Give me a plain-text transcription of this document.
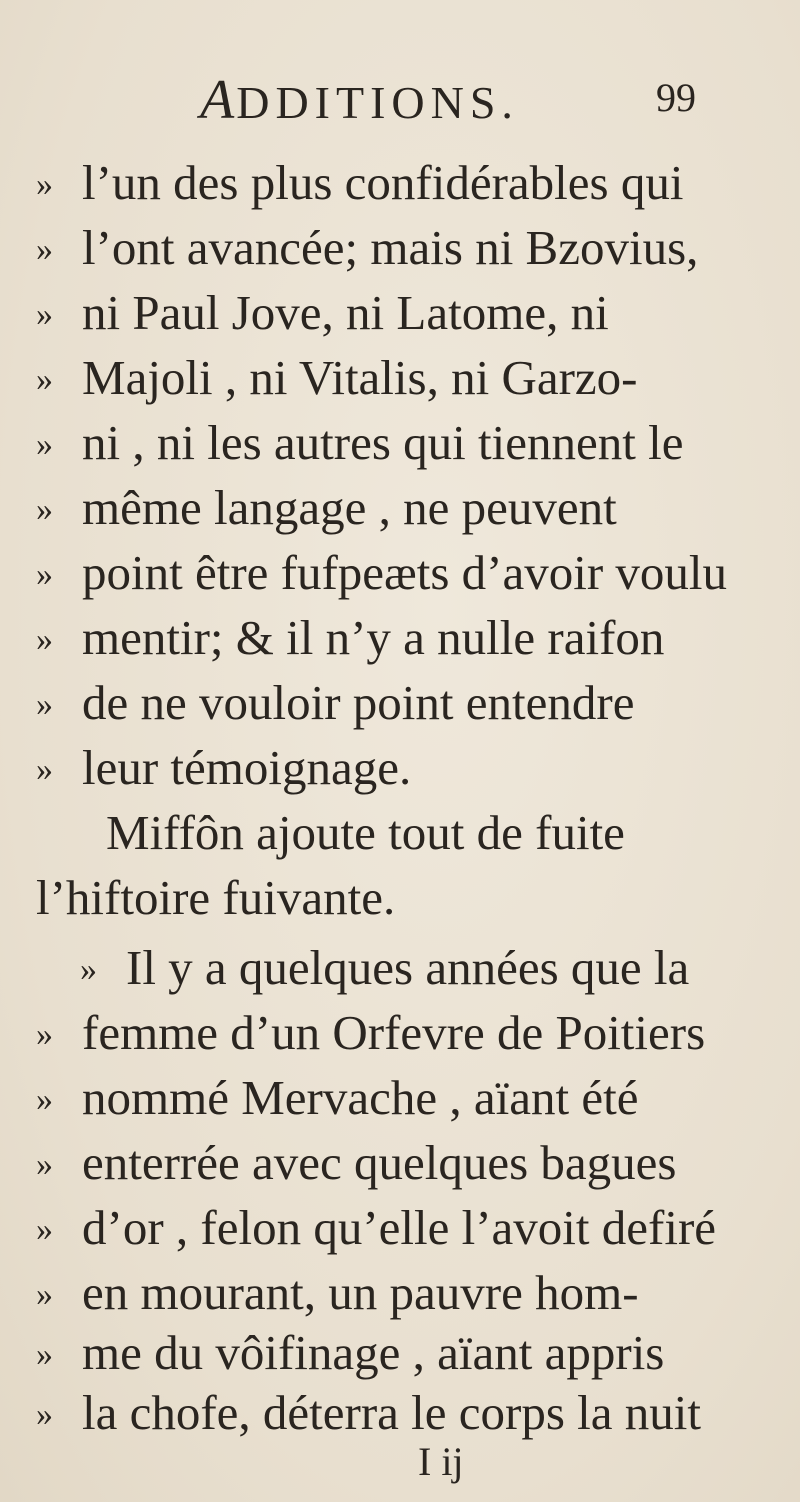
ADDITIONS.	99
» l’un des plus confidérables qui
» l’ont avancée; mais ni Bzovius,
» ni Paul Jove, ni Latome, ni
» Majoli , ni Vitalis, ni Garzo-
» ni , ni les autres qui tiennent le
» même langage , ne peuvent
» point être fufpeæts d’avoir voulu
» mentir; & il n’y a nulle raifon
» de ne vouloir point entendre
» leur témoignage.
Miffôn ajoute tout de fuite
l’hiftoire fuivante.
» Il y a quelques années que la
» femme d’un Orfevre de Poitiers
» nommé Mervache , aïant été
» enterrée avec quelques bagues
» d’or , felon qu’elle l’avoit defiré
» en mourant, un pauvre hom-
» me du vôifinage , aïant appris
» la chofe, déterra le corps la nuit
I ij
